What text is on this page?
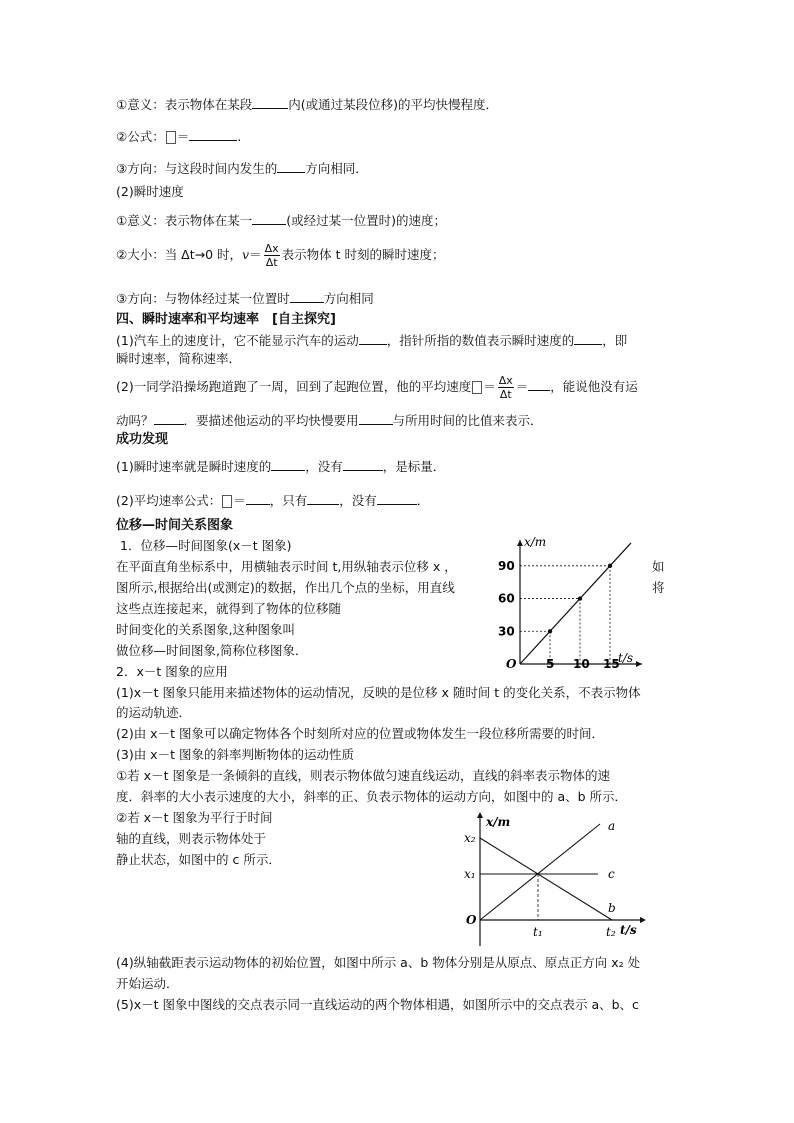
①意义：表示物体在某段	内(或通过某段位移)的平均快慢程度．
②公式： ＝	.
③方向：与这段时间内发生的 方向相同．
(2)瞬时速度
①意义：表示物体在某一	(或经过某一位置时)的速度；
②大小：当 Δt→0 时，$v= \frac{\Delta x}{\Delta t}$ 表示物体 t 时刻的瞬时速度；
③方向：与物体经过某一位置时	方向相同
四、瞬时速率和平均速率　[自主探究]
(1)汽车上的速度计，它不能显示汽车的运动 ，指针所指的数值表示瞬时速度的 ，即
瞬时速率，简称速率．
(2)一同学沿操场跑道跑了一周，回到了起跑位置，他的平均速度 ＝ $\frac{\Delta x}{\Delta t}$ ＝ ，能说他没有运
动吗？ ．要描述他运动的平均快慢要用	与所用时间的比值来表示．
成功发现
(1)瞬时速率就是瞬时速度的	，没有	，是标量．
(2)平均速率公式： ＝ ，只有	，没有	．
位移—时间关系图象
1．位移—时间图象(x－t 图象)
在平面直角坐标系中，用横轴表示时间 t,用纵轴表示位移 x ，	如
图所示,根据给出(或测定)的数据，作出几个点的坐标，用直线	将
这些点连接起来，就得到了物体的位移随
时间变化的关系图象,这种图象叫
做位移—时间图象,简称位移图象．
2．x－t 图象的应用
(1)x－t 图象只能用来描述物体的运动情况，反映的是位移 x 随时间 t 的变化关系，不表示物体
的运动轨迹．
(2)由 x－t 图象可以确定物体各个时刻所对应的位置或物体发生一段位移所需要的时间．
(3)由 x－t 图象的斜率判断物体的运动性质
①若 x－t 图象是一条倾斜的直线，则表示物体做匀速直线运动，直线的斜率表示物体的速
度．斜率的大小表示速度的大小，斜率的正、负表示物体的运动方向，如图中的 a、b 所示．
②若 x－t 图象为平行于时间
轴的直线，则表示物体处于
静止状态，如图中的 c 所示．
(4)纵轴截距表示运动物体的初始位置，如图中所示 a、b 物体分别是从原点、原点正方向 x₂ 处
开始运动．
(5)x－t 图象中图线的交点表示同一直线运动的两个物体相遇，如图所示中的交点表示 a、b、c
x/m
t/s
O 5 10 15
30
60
90
x/m
t/s
O
x₁
x₂
t₁	t₂
a
b
c
